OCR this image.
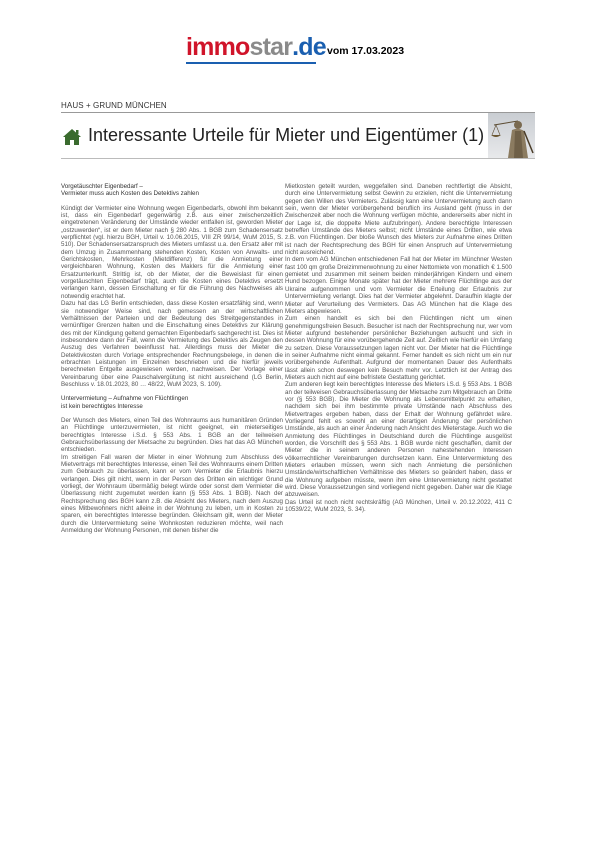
immo star .de vom 17.03.2023
HAUS + GRUND MÜNCHEN
Interessante Urteile für Mieter und Eigentümer (1)

Vorgetäuschter Eigenbedarf –

Vermieter muss auch Kosten des Detektivs zahlen

Kündigt der Vermieter eine Wohnung wegen Eigenbedarfs, obwohl ihm bekannt ist, dass ein Eigenbedarf gegenwärtig z.B. aus einer zwischenzeitlich eingetretenen Veränderung der Umstände wieder entfallen ist, geworden Mieter „ostzuwerden“, ist er dem Mieter nach § 280 Abs. 1 BGB zum Schadensersatz verpflichtet (vgl. hierzu BGH, Urteil v. 10.06.2015, VIII ZR 99/14, WuM 2015, S. 510). Der Schadensersatzanspruch des Mieters umfasst u.a. den Ersatz aller mit dem Umzug in Zusammenhang stehenden Kosten, Kosten von Anwalts- und Gerichtskosten, Mehrkosten (Mietdifferenz) für die Anmietung einer vergleichbaren Wohnung, Kosten des Maklers für die Anmietung einer Ersatzunterkunft. Strittig ist, ob der Mieter, der die Beweislast für einen vorgetäuschten Eigenbedarf trägt, auch die Kosten eines Detektivs ersetzt verlangen kann, dessen Einschaltung er für die Führung des Nachweises als notwendig erachtet hat.

Dazu hat das LG Berlin entschieden, dass diese Kosten ersatzfähig sind, wenn sie notwendiger Weise sind, nach gemessen an der wirtschaftlichen Verhältnissen der Parteien und der Bedeutung des Streitgegenstandes in vernünftiger Grenzen halten und die Einschaltung eines Detektivs zur Klärung des mit der Kündigung geltend gemachten Eigenbedarfs sachgerecht ist. Dies ist insbesondere dann der Fall, wenn die Vermietung des Detektivs als Zeugen den Auszug des Verfahren beeinflusst hat. Allerdings muss der Mieter die Detektivkosten durch Vorlage entsprechender Rechnungsbelege, in denen die erbrachten Leistungen im Einzelnen beschrieben und die hierfür jeweils berechneten Entgelte ausgewiesen werden, nachweisen. Der Vorlage einer Vereinbarung über eine Pauschalvergütung ist nicht ausreichend (LG Berlin, Beschluss v. 18.01.2023, 80 … 48/22, WuM 2023, S. 109).

Untervermietung – Aufnahme von Flüchtlingen

ist kein berechtigtes Interesse

Der Wunsch des Mieters, einen Teil des Wohnraums aus humanitären Gründen an Flüchtlinge unterzuvermieten, ist nicht geeignet, ein mieterseitiges berechtigtes Interesse i.S.d. § 553 Abs. 1 BGB an der teilweisen Gebrauchsüberlassung der Mietsache zu begründen. Dies hat das AG München entschieden.

Im streitigen Fall waren der Mieter in einer Wohnung zum Abschluss des Mietvertrags mit berechtigtes Interesse, einen Teil des Wohnraums einem Dritten zum Gebrauch zu überlassen, kann er vom Vermieter die Erlaubnis hierzu verlangen. Dies gilt nicht, wenn in der Person des Dritten ein wichtiger Grund vorliegt, der Wohnraum übermäßig belegt würde oder sonst dem Vermieter die Überlassung nicht zugemutet werden kann (§ 553 Abs. 1 BGB). Nach der Rechtsprechung des BGH kann z.B. die Absicht des Mieters, nach dem Auszug eines Mitbewohners nicht alleine in der Wohnung zu leben, um in Kosten zu sparen, ein berechtigtes Interesse begründen. Gleichsam gilt, wenn der Mieter durch die Untervermietung seine Wohnkosten reduzieren möchte, weil nach Anmeldung der Wohnung Personen, mit denen bisher die

Mietkosten geteilt wurden, weggefallen sind. Daneben rechtfertigt die Absicht, durch eine Untervermietung selbst Gewinn zu erzielen, nicht die Untervermietung gegen den Willen des Vermieters. Zulässig kann eine Untervermietung auch dann sein, wenn der Mieter vorübergehend beruflich ins Ausland geht (muss in der Zwischenzeit aber noch die Wohnung verfügen möchte, andererseits aber nicht in der Lage ist, die doppelte Miete aufzubringen). Andere berechtigte Interessen betreffen Umstände des Mieters selbst; nicht Umstände eines Dritten, wie etwa z.B. von Flüchtlingen. Der bloße Wunsch des Mieters zur Aufnahme eines Dritten ist nach der Rechtsprechung des BGH für einen Anspruch auf Untervermietung nicht ausreichend.

In dem vom AG München entschiedenen Fall hat der Mieter im Münchner Westen fast 100 qm große Dreizimmerwohnung zu einer Nettomiete von monatlich € 1.500 gemietet und zusammen mit seinem beiden minderjährigen Kindern und einem Hund bezogen. Einige Monate später hat der Mieter mehrere Flüchtlinge aus der Ukraine aufgenommen und vom Vermieter die Erteilung der Erlaubnis zur Untervermietung verlangt. Dies hat der Vermieter abgelehnt. Daraufhin klagte der Mieter auf Verurteilung des Vermieters. Das AG München hat die Klage des Mieters abgewiesen.

Zum einen handelt es sich bei den Flüchtlingen nicht um einen genehmigungsfreien Besuch. Besucher ist nach der Rechtsprechung nur, wer vom Mieter aufgrund bestehender persönlicher Beziehungen aufsucht und sich in dessen Wohnung für eine vorübergehende Zeit auf. Zeitlich wie hierfür ein Umfang zu setzen. Diese Voraussetzungen lagen nicht vor. Der Mieter hat die Flüchtlinge in seiner Aufnahme nicht einmal gekannt. Ferner handelt es sich nicht um ein nur vorübergehende Aufenthalt. Aufgrund der momentanen Dauer des Aufenthalts lässt allein schon deswegen kein Besuch mehr vor. Letztlich ist der Antrag des Mieters auch nicht auf eine befristete Gestattung gerichtet.

Zum anderen liegt kein berechtigtes Interesse des Mieters i.S.d. § 553 Abs. 1 BGB an der teilweisen Gebrauchsüberlassung der Mietsache zum Mitgebrauch an Dritte vor (§ 553 BGB). Die Mieter die Wohnung als Lebensmittelpunkt zu erhalten, nachdem sich bei ihm bestimmte private Umstände nach Abschluss des Mietvertrages ergeben haben, dass der Erhalt der Wohnung gefährdet wäre. Vorliegend fehlt es sowohl an einer derartigen Änderung der persönlichen Umstände, als auch an einer Änderung nach Ansicht des Mieterstage. Auch wo die Anmietung des Flüchtlinges in Deutschland durch die Flüchtlinge ausgelöst worden, die Vorschrift des § 553 Abs. 1 BGB wurde nicht geschaffen, damit der Mieter die in seinem anderen Personen nahestehenden Interessen völkerrechtlicher Vereinbarungen durchsetzen kann. Eine Untervermietung des Mieters erlauben müssen, wenn sich nach Anmietung die persönlichen Umstände/wirtschaftlichen Verhältnisse des Mieters so geändert haben, dass er die Wohnung aufgeben müsste, wenn ihm eine Untervermietung nicht gestattet wird. Diese Voraussetzungen sind vorliegend nicht gegeben. Daher war die Klage abzuweisen.

Das Urteil ist noch nicht rechtskräftig (AG München, Urteil v. 20.12.2022, 411 C 10539/22, WuM 2023, S. 34).
